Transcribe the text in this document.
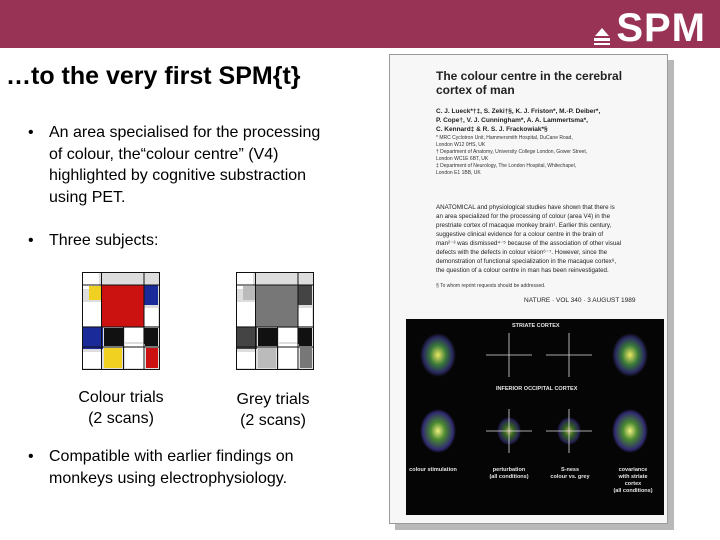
SPM
…to the very first SPM{t}
• An area specialised for the processing
of colour, the“colour centre” (V4)
highlighted by cognitive substraction
using PET.
• Three subjects:
Colour trials
(2 scans)
Grey trials
(2 scans)
• Compatible with earlier findings on
monkeys using electrophysiology.
The colour centre in the cerebral
cortex of man
C. J. Lueck*†‡, S. Zeki†§, K. J. Friston*, M.-P. Deiber*,
P. Cope†, V. J. Cunningham*, A. A. Lammertsma*,
C. Kennard‡ & R. S. J. Frackowiak*§
* MRC Cyclotron Unit, Hammersmith Hospital, DuCane Road,
London W12 0HS, UK
† Department of Anatomy, University College London, Gower Street,
London WC1E 6BT, UK
‡ Department of Neurology, The London Hospital, Whitechapel,
London E1 1BB, UK
ANATOMICAL and physiological studies have shown that there is
an area specialized for the processing of colour (area V4) in the
prestriate cortex of macaque monkey brain¹. Earlier this century,
suggestive clinical evidence for a colour centre in the brain of
man²⁻³ was dismissed⁴⁻⁵ because of the association of other visual
defects with the defects in colour vision⁶⁻⁷. However, since the
demonstration of functional specialization in the macaque cortex⁸,
the question of a colour centre in man has been reinvestigated.
§ To whom reprint requests should be addressed.
NATURE · VOL 340 · 3 AUGUST 1989
STRIATE CORTEX
INFERIOR OCCIPITAL CORTEX
colour stimulation	perturbation
(all conditions)
S-ness
colour vs. grey
covariance
with striate
cortex
(all conditions)
